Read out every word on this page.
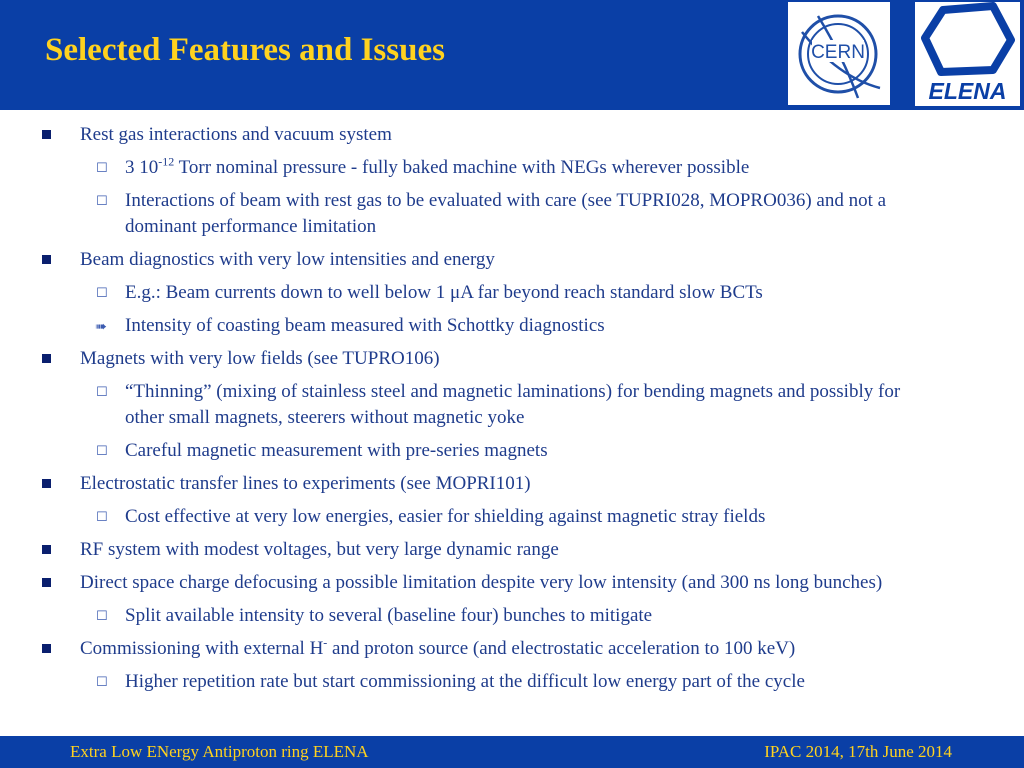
Selected Features and Issues	CERN
ELENA
Rest gas interactions and vacuum system
☐ 3 $10^{-12}$ Torr nominal pressure - fully baked machine with NEGs wherever possible
☐ Interactions of beam with rest gas to be evaluated with care (see TUPRI028, MOPRO036) and not a dominant performance limitation
Beam diagnostics with very low intensities and energy
☐ E.g.: Beam currents down to well below 1 μA far beyond reach standard slow BCTs
➠ Intensity of coasting beam measured with Schottky diagnostics
Magnets with very low fields (see TUPRO106)
☐ “Thinning” (mixing of stainless steel and magnetic laminations) for bending magnets and possibly for other small magnets, steerers without magnetic yoke
☐ Careful magnetic measurement with pre-series magnets
Electrostatic transfer lines to experiments (see MOPRI101)
☐ Cost effective at very low energies, easier for shielding against magnetic stray fields
RF system with modest voltages, but very large dynamic range
Direct space charge defocusing a possible limitation despite very low intensity (and 300 ns long bunches)
☐ Split available intensity to several (baseline four) bunches to mitigate
Commissioning with external H- and proton source (and electrostatic acceleration to 100 keV)
☐ Higher repetition rate but start commissioning at the difficult low energy part of the cycle
Extra Low ENergy Antiproton ring ELENA	IPAC 2014, 17th June 2014
